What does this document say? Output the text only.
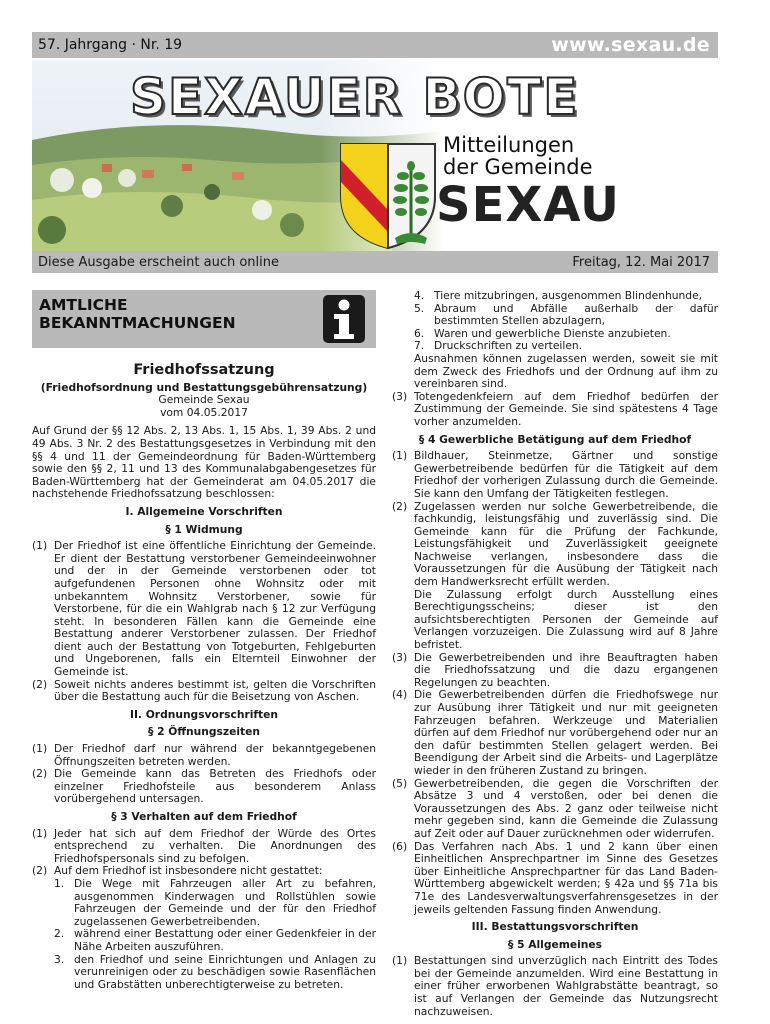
57. Jahrgang · Nr. 19	www.sexau.de
SEXAUER BOTE
Mitteilungen
der Gemeinde
SEXAU
Diese Ausgabe erscheint auch online	Freitag, 12. Mai 2017
AMTLICHE
BEKANNTMACHUNGEN
Friedhofssatzung

(Friedhofsordnung und Bestattungsgebührensatzung)

Gemeinde Sexau

vom 04.05.2017

Auf Grund der §§ 12 Abs. 2, 13 Abs. 1, 15 Abs. 1, 39 Abs. 2 und 49 Abs. 3 Nr. 2 des Bestattungsgesetzes in Verbindung mit den §§ 4 und 11 der Gemeindeordnung für Baden-Württemberg sowie den §§ 2, 11 und 13 des Kommunalabgabengesetzes für Baden-Württemberg hat der Gemeinderat am 04.05.2017 die nachstehende Friedhofssatzung beschlossen:

I. Allgemeine Vorschriften
§ 1 Widmung
(1) Der Friedhof ist eine öffentliche Einrichtung der Gemeinde. Er dient der Bestattung verstorbener Gemeindeeinwohner und der in der Gemeinde verstorbenen oder tot aufgefundenen Personen ohne Wohnsitz oder mit unbekanntem Wohnsitz Verstorbener, sowie für Verstorbene, für die ein Wahlgrab nach § 12 zur Verfügung steht. In besonderen Fällen kann die Gemeinde eine Bestattung anderer Verstorbener zulassen. Der Friedhof dient auch der Bestattung von Totgeburten, Fehlgeburten und Ungeborenen, falls ein Elternteil Einwohner der Gemeinde ist.
(2) Soweit nichts anderes bestimmt ist, gelten die Vorschriften über die Bestattung auch für die Beisetzung von Aschen.
II. Ordnungsvorschriften
§ 2 Öffnungszeiten
(1) Der Friedhof darf nur während der bekanntgegebenen Öffnungszeiten betreten werden.
(2) Die Gemeinde kann das Betreten des Friedhofs oder einzelner Friedhofsteile aus besonderem Anlass vorübergehend untersagen.
§ 3 Verhalten auf dem Friedhof
(1) Jeder hat sich auf dem Friedhof der Würde des Ortes entsprechend zu verhalten. Die Anordnungen des Friedhofspersonals sind zu befolgen.
(2) Auf dem Friedhof ist insbesondere nicht gestattet:
1. Die Wege mit Fahrzeugen aller Art zu befahren, ausgenommen Kinderwagen und Rollstühlen sowie Fahrzeugen der Gemeinde und der für den Friedhof zugelassenen Gewerbetreibenden.
2. während einer Bestattung oder einer Gedenkfeier in der Nähe Arbeiten auszuführen.
3. den Friedhof und seine Einrichtungen und Anlagen zu verunreinigen oder zu beschädigen sowie Rasenflächen und Grabstätten unberechtigterweise zu betreten.
4. Tiere mitzubringen, ausgenommen Blindenhunde,
5. Abraum und Abfälle außerhalb der dafür bestimmten Stellen abzulagern,
6. Waren und gewerbliche Dienste anzubieten.
7. Druckschriften zu verteilen.

Ausnahmen können zugelassen werden, soweit sie mit dem Zweck des Friedhofs und der Ordnung auf ihm zu vereinbaren sind.

(3) Totengedenkfeiern auf dem Friedhof bedürfen der Zustimmung der Gemeinde. Sie sind spätestens 4 Tage vorher anzumelden.
§ 4 Gewerbliche Betätigung auf dem Friedhof
(1) Bildhauer, Steinmetze, Gärtner und sonstige Gewerbetreibende bedürfen für die Tätigkeit auf dem Friedhof der vorherigen Zulassung durch die Gemeinde. Sie kann den Umfang der Tätigkeiten festlegen.
(2) Zugelassen werden nur solche Gewerbetreibende, die fachkundig, leistungsfähig und zuverlässig sind. Die Gemeinde kann für die Prüfung der Fachkunde, Leistungsfähigkeit und Zuverlässigkeit geeignete Nachweise verlangen, insbesondere dass die Voraussetzungen für die Ausübung der Tätigkeit nach dem Handwerksrecht erfüllt werden.

Die Zulassung erfolgt durch Ausstellung eines Berechtigungsscheins; dieser ist den aufsichtsberechtigten Personen der Gemeinde auf Verlangen vorzuzeigen. Die Zulassung wird auf 8 Jahre befristet.

(3) Die Gewerbetreibenden und ihre Beauftragten haben die Friedhofssatzung und die dazu ergangenen Regelungen zu beachten.
(4) Die Gewerbetreibenden dürfen die Friedhofswege nur zur Ausübung ihrer Tätigkeit und nur mit geeigneten Fahrzeugen befahren. Werkzeuge und Materialien dürfen auf dem Friedhof nur vorübergehend oder nur an den dafür bestimmten Stellen gelagert werden. Bei Beendigung der Arbeit sind die Arbeits- und Lagerplätze wieder in den früheren Zustand zu bringen.
(5) Gewerbetreibenden, die gegen die Vorschriften der Absätze 3 und 4 verstoßen, oder bei denen die Voraussetzungen des Abs. 2 ganz oder teilweise nicht mehr gegeben sind, kann die Gemeinde die Zulassung auf Zeit oder auf Dauer zurücknehmen oder widerrufen.
(6) Das Verfahren nach Abs. 1 und 2 kann über einen Einheitlichen Ansprechpartner im Sinne des Gesetzes über Einheitliche Ansprechpartner für das Land Baden-Württemberg abgewickelt werden; § 42a und §§ 71a bis 71e des Landesverwaltungsverfahrensgesetzes in der jeweils geltenden Fassung finden Anwendung.
III. Bestattungsvorschriften
§ 5 Allgemeines
(1) Bestattungen sind unverzüglich nach Eintritt des Todes bei der Gemeinde anzumelden. Wird eine Bestattung in einer früher erworbenen Wahlgrabstätte beantragt, so ist auf Verlangen der Gemeinde das Nutzungsrecht nachzuweisen.
